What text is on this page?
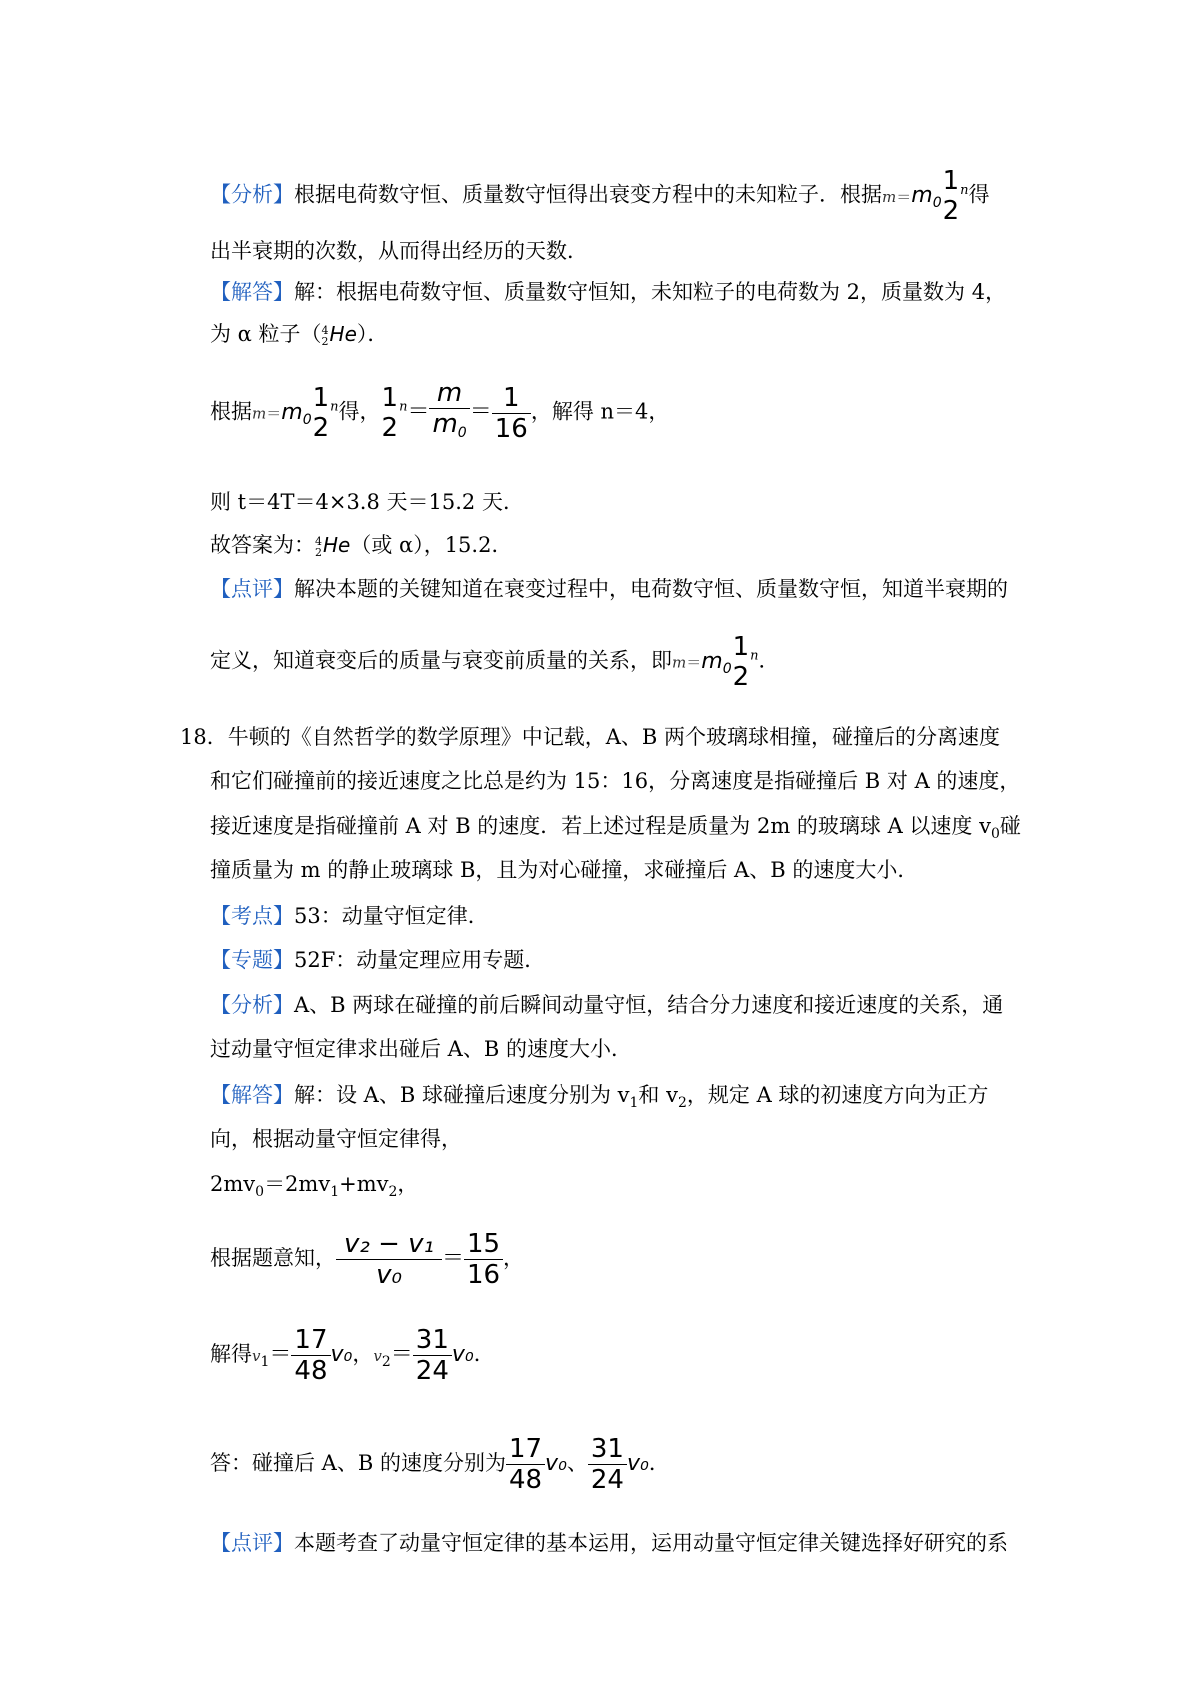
【分析】根据电荷数守恒、质量数守恒得出衰变方程中的未知粒子．根据$m=m_0$
1
2
$^n$得
出半衰期的次数，从而得出经历的天数．
【解答】解：根据电荷数守恒、质量数守恒知，未知粒子的电荷数为 2，质量数为 4，
为 α 粒子（ 4
2 He）．
根据$m=m_0$
1
2
$^n$得， 1
2
$^n= \frac{m}{m_0} = \frac{1}{16}$ ，解得 n＝4，
则 t＝4T＝4×3.8 天＝15.2 天．
故答案为： 4
2 He（或 α），15.2．
【点评】解决本题的关键知道在衰变过程中，电荷数守恒、质量数守恒，知道半衰期的
定义，知道衰变后的质量与衰变前质量的关系，即$m=m_0$
1
2
$^n$．
18．牛顿的《自然哲学的数学原理》中记载，A、B 两个玻璃球相撞，碰撞后的分离速度
和它们碰撞前的接近速度之比总是约为 15：16，分离速度是指碰撞后 B 对 A 的速度，
接近速度是指碰撞前 A 对 B 的速度．若上述过程是质量为 2m 的玻璃球 A 以速度 $v_0$碰
撞质量为 m 的静止玻璃球 B，且为对心碰撞，求碰撞后 A、B 的速度大小．
【考点】53：动量守恒定律．
【专题】52F：动量定理应用专题．
【分析】A、B 两球在碰撞的前后瞬间动量守恒，结合分力速度和接近速度的关系，通
过动量守恒定律求出碰后 A、B 的速度大小．
【解答】解：设 A、B 球碰撞后速度分别为 $v_1$和 $v_2$，规定 A 球的初速度方向为正方
向，根据动量守恒定律得，
$2mv_0=2mv_1+mv_2$，
根据题意知， $\frac{\text{v₂ − v₁}}{\text{v₀}} = \frac{15}{16}$ ，
解得$v_1= \frac{17}{48} v_0$，$v_2= \frac{31}{24} v_0$．
答：碰撞后 A、B 的速度分别为 $\frac{17}{48} v_0$、 $\frac{31}{24} v_0$．
【点评】本题考查了动量守恒定律的基本运用，运用动量守恒定律关键选择好研究的系
